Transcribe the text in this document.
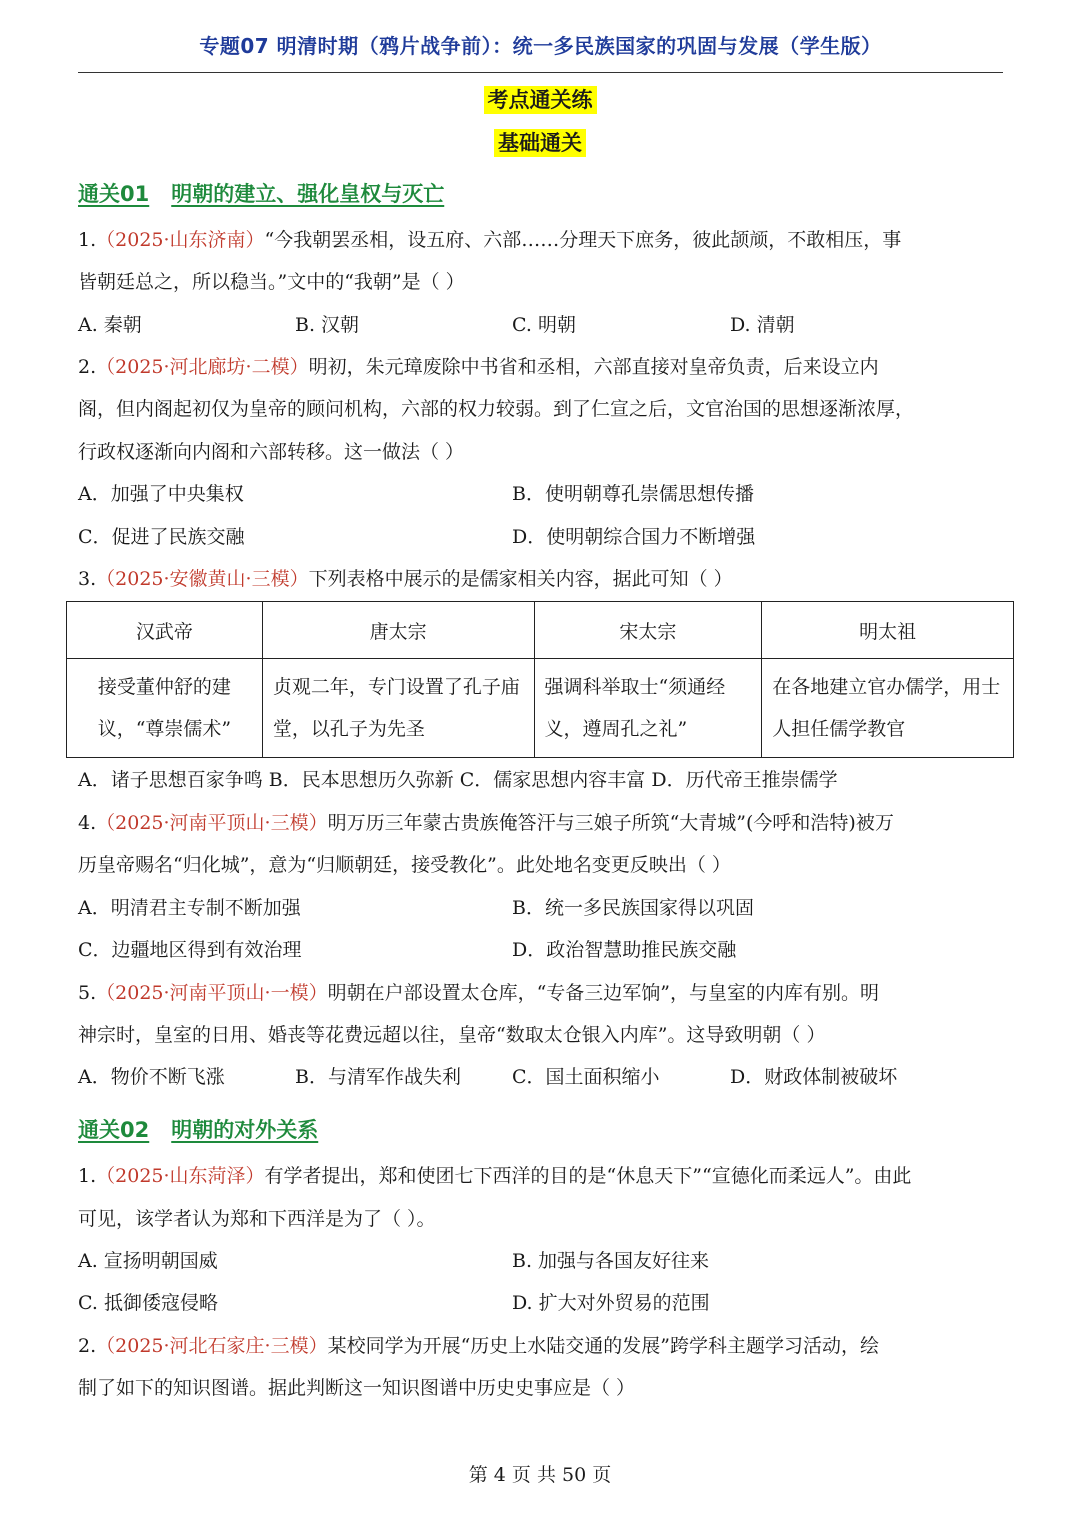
专题07 明清时期（鸦片战争前）：统一多民族国家的巩固与发展（学生版）
考点通关练
基础通关
通关01 明朝的建立、强化皇权与灭亡
1.（2025·山东济南）“今我朝罢丞相，设五府、六部……分理天下庶务，彼此颉颃，不敢相压，事
皆朝廷总之，所以稳当。”文中的“我朝”是（ ）
A. 秦朝	B. 汉朝	C. 明朝	D. 清朝
2.（2025·河北廊坊·二模）明初，朱元璋废除中书省和丞相，六部直接对皇帝负责，后来设立内
阁，但内阁起初仅为皇帝的顾问机构，六部的权力较弱。到了仁宣之后，文官治国的思想逐渐浓厚，
行政权逐渐向内阁和六部转移。这一做法（ ）
A．加强了中央集权	B．使明朝尊孔崇儒思想传播
C．促进了民族交融	D．使明朝综合国力不断增强
3.（2025·安徽黄山·三模）下列表格中展示的是儒家相关内容，据此可知（ ）
汉武帝	唐太宗	宋太宗	明太祖
接受董仲舒的建议，“尊崇儒术”	贞观二年，专门设置了孔子庙堂，以孔子为先圣	强调科举取士“须通经义，遵周孔之礼”	在各地建立官办儒学，用士人担任儒学教官
A．诸子思想百家争鸣 B．民本思想历久弥新 C．儒家思想内容丰富 D．历代帝王推崇儒学
4.（2025·河南平顶山·三模）明万历三年蒙古贵族俺答汗与三娘子所筑“大青城”(今呼和浩特)被万
历皇帝赐名“归化城”，意为“归顺朝廷，接受教化”。此处地名变更反映出（ ）
A．明清君主专制不断加强	B．统一多民族国家得以巩固
C．边疆地区得到有效治理	D．政治智慧助推民族交融
5.（2025·河南平顶山·一模）明朝在户部设置太仓库，“专备三边军饷”，与皇室的内库有别。明
神宗时，皇室的日用、婚丧等花费远超以往，皇帝“数取太仓银入内库”。这导致明朝（ ）
A．物价不断飞涨	B．与清军作战失利	C．国土面积缩小	D．财政体制被破坏
通关02 明朝的对外关系
1.（2025·山东菏泽）有学者提出，郑和使团七下西洋的目的是“休息天下”“宣德化而柔远人”。由此
可见，该学者认为郑和下西洋是为了（ ）。
A. 宣扬明朝国威	B. 加强与各国友好往来
C. 抵御倭寇侵略	D. 扩大对外贸易的范围
2.（2025·河北石家庄·三模）某校同学为开展“历史上水陆交通的发展”跨学科主题学习活动，绘
制了如下的知识图谱。据此判断这一知识图谱中历史史事应是（ ）
第 4 页 共 50 页
